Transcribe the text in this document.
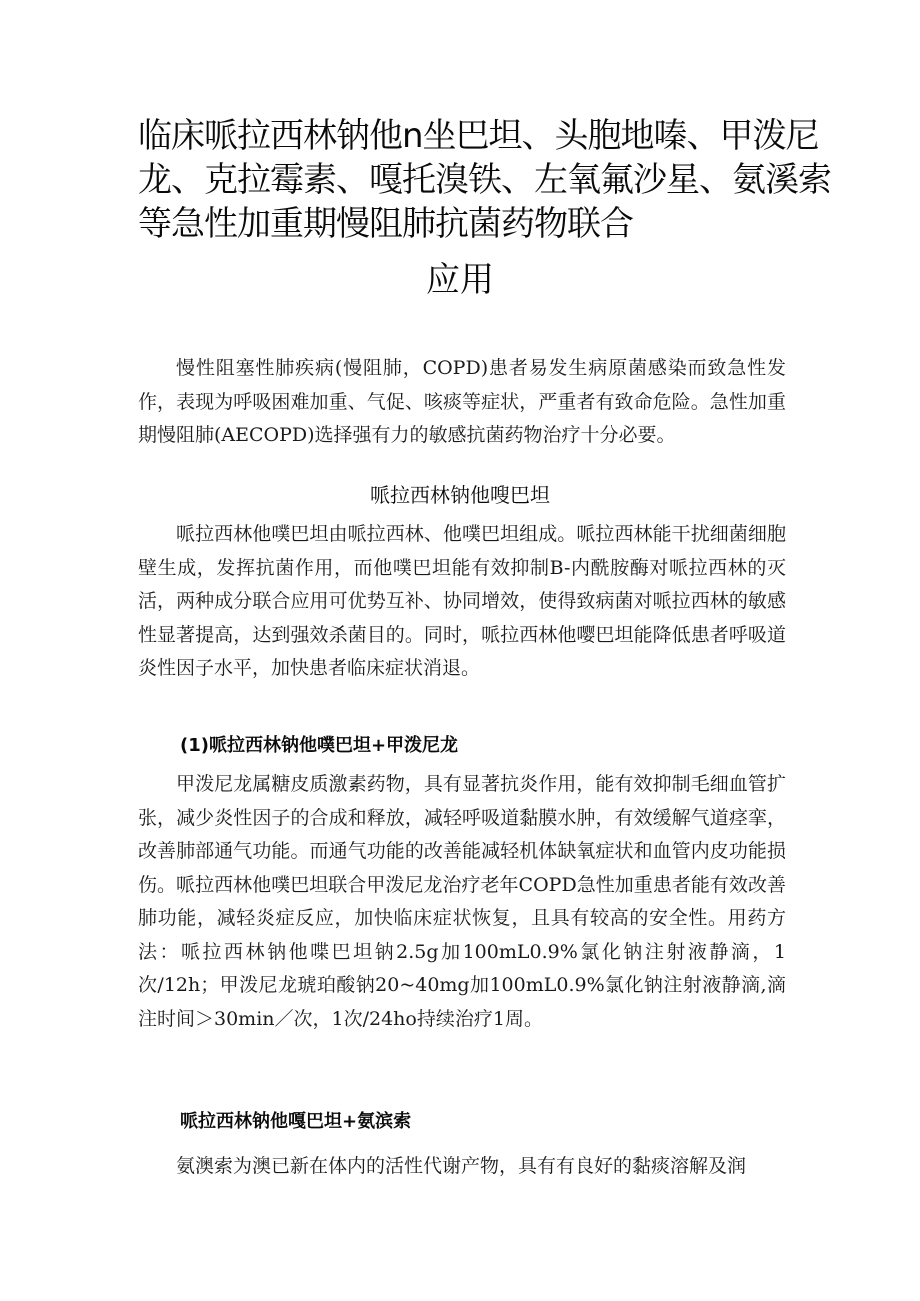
临床哌拉西林钠他n坐巴坦、头胞地嗪、甲泼尼
龙、克拉霉素、嘎托溴铁、左氧氟沙星、氨溪索
等急性加重期慢阻肺抗菌药物联合
应用

慢性阻塞性肺疾病(慢阻肺，COPD)患者易发生病原菌感染而致急性发作，表现为呼吸困难加重、气促、咳痰等症状，严重者有致命危险。急性加重期慢阻肺(AECOPD)选择强有力的敏感抗菌药物治疗十分必要。

哌拉西林钠他嗖巴坦

哌拉西林他噗巴坦由哌拉西林、他噗巴坦组成。哌拉西林能干扰细菌细胞壁生成，发挥抗菌作用，而他噗巴坦能有效抑制B-内酰胺酶对哌拉西林的灭活，两种成分联合应用可优势互补、协同增效，使得致病菌对哌拉西林的敏感性显著提高，达到强效杀菌目的。同时，哌拉西林他嘤巴坦能降低患者呼吸道炎性因子水平，加快患者临床症状消退。

(1)哌拉西林钠他噗巴坦+甲泼尼龙

甲泼尼龙属糖皮质激素药物，具有显著抗炎作用，能有效抑制毛细血管扩张，减少炎性因子的合成和释放，减轻呼吸道黏膜水肿，有效缓解气道痉挛，改善肺部通气功能。而通气功能的改善能减轻机体缺氧症状和血管内皮功能损伤。哌拉西林他噗巴坦联合甲泼尼龙治疗老年COPD急性加重患者能有效改善肺功能，减轻炎症反应，加快临床症状恢复，且具有较高的安全性。用药方法：哌拉西林钠他喋巴坦钠2.5g加100mL0.9%氯化钠注射液静滴，1次/12h；甲泼尼龙琥珀酸钠20~40mg加100mL0.9%氯化钠注射液静滴,滴注时间＞30min／次，1次/24ho持续治疗1周。

哌拉西林钠他嘎巴坦+氨滨索

氨澳索为澳已新在体内的活性代谢产物，具有有良好的黏痰溶解及润
